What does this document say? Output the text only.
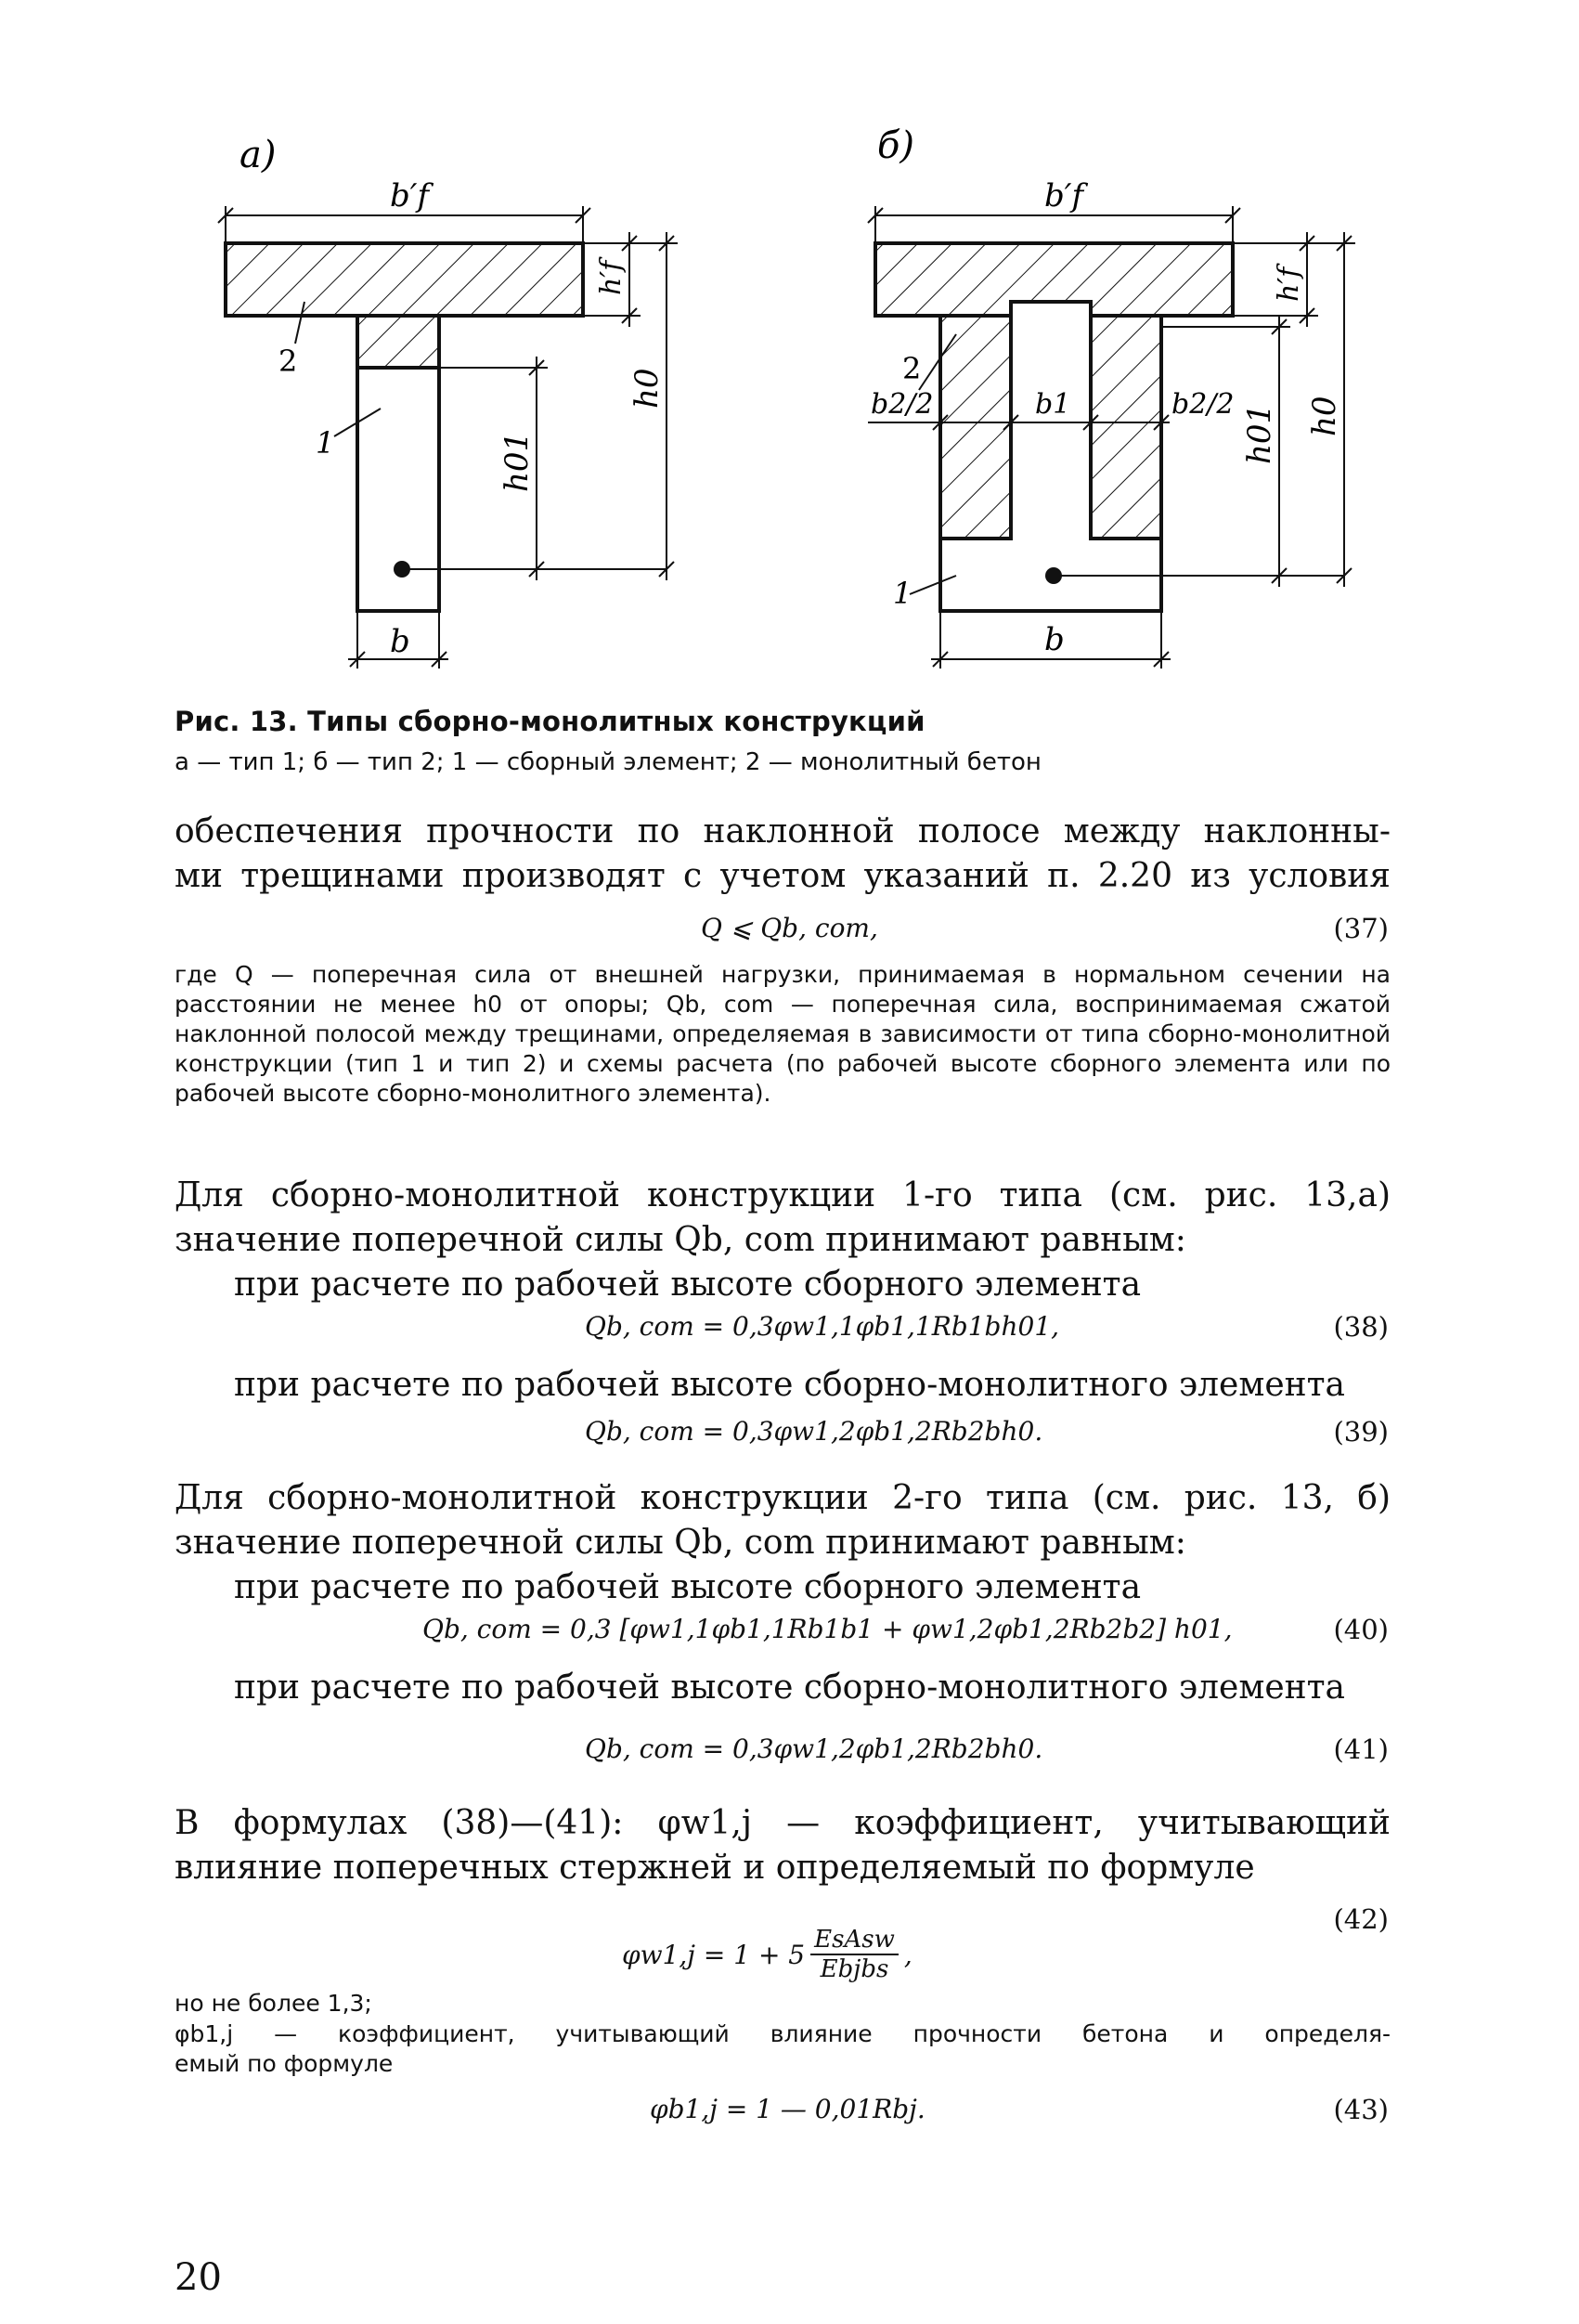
а)
b′f
h′f
h0
h01
b
2
1
б)
b′f
h′f
h0
h01
b2/2	b1	b2/2
b
2
1
Рис. 13. Типы сборно-монолитных конструкций
а — тип 1; б — тип 2; 1 — сборный элемент; 2 — монолитный бетон
обеспечения прочности по наклонной полосе между наклонны-
ми трещинами производят с учетом указаний п. 2.20 из условия
Q ⩽ Qb, com,	(37)
где Q — поперечная сила от внешней нагрузки, принимаемая в нормальном сечении на расстоянии не менее h0 от опоры; Qb, com — поперечная сила, воспринимаемая сжатой наклонной полосой между трещинами, определяемая в зависимости от типа сборно-монолитной конструкции (тип 1 и тип 2) и схемы расчета (по рабочей высоте сборного элемента или по рабочей высоте сборно-монолитного элемента).
Для сборно-монолитной конструкции 1-го типа (см. рис. 13,а)
значение поперечной силы Qb, com принимают равным:
при расчете по рабочей высоте сборного элемента
Qb, com = 0,3φw1,1φb1,1Rb1bh01,	(38)
при расчете по рабочей высоте сборно-монолитного элемента
Qb, com = 0,3φw1,2φb1,2Rb2bh0.	(39)
Для сборно-монолитной конструкции 2-го типа (см. рис. 13, б)
значение поперечной силы Qb, com принимают равным:
при расчете по рабочей высоте сборного элемента
Qb, com = 0,3 [φw1,1φb1,1Rb1b1 + φw1,2φb1,2Rb2b2] h01,	(40)
при расчете по рабочей высоте сборно-монолитного элемента
Qb, com = 0,3φw1,2φb1,2Rb2bh0.	(41)
В формулах (38)—(41): φw1,j — коэффициент, учитывающий
влияние поперечных стержней и определяемый по формуле
φw1,j = 1 + 5 EsAsw
Ebjbs ,
(42)
но не более 1,3;
φb1,j — коэффициент, учитывающий влияние прочности бетона и определя-
емый по формуле
φb1,j = 1 — 0,01Rbj.	(43)
20
